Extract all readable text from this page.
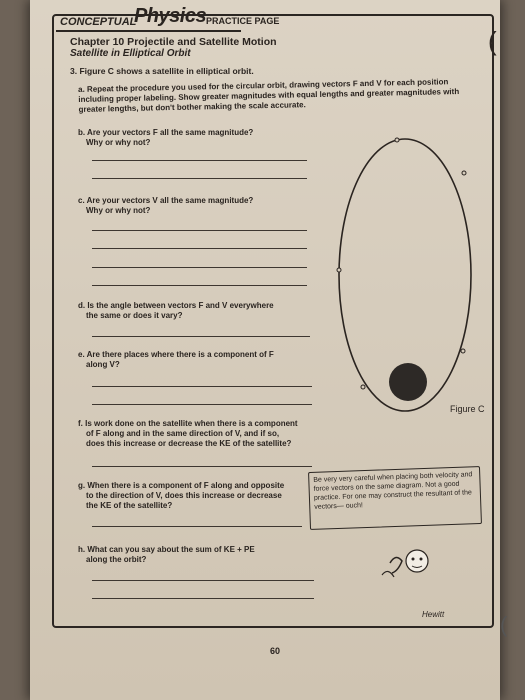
CONCEPTUAL
Physics PRACTICE PAGE
(
Chapter 10 Projectile and Satellite Motion
Satellite in Elliptical Orbit
3. Figure C shows a satellite in elliptical orbit.
a. Repeat the procedure you used for the circular orbit, drawing vectors F and V for each position including proper labeling. Show greater magnitudes with equal lengths and greater magnitudes with greater lengths, but don't bother making the scale accurate.
b. Are your vectors F all the same magnitude?
Why or why not?
c. Are your vectors V all the same magnitude?
Why or why not?
d. Is the angle between vectors F and V everywhere
the same or does it vary?
e. Are there places where there is a component of F
along V?
f. Is work done on the satellite when there is a component
of F along and in the same direction of V, and if so,
does this increase or decrease the KE of the satellite?
g. When there is a component of F along and opposite
to the direction of V, does this increase or decrease
the KE of the satellite?
h. What can you say about the sum of KE + PE
along the orbit?
Figure C
Be very very careful when placing both velocity and force vectors on the same diagram. Not a good practice. For one may construct the resultant of the vectors— ouch!
Hewitt	(
60
